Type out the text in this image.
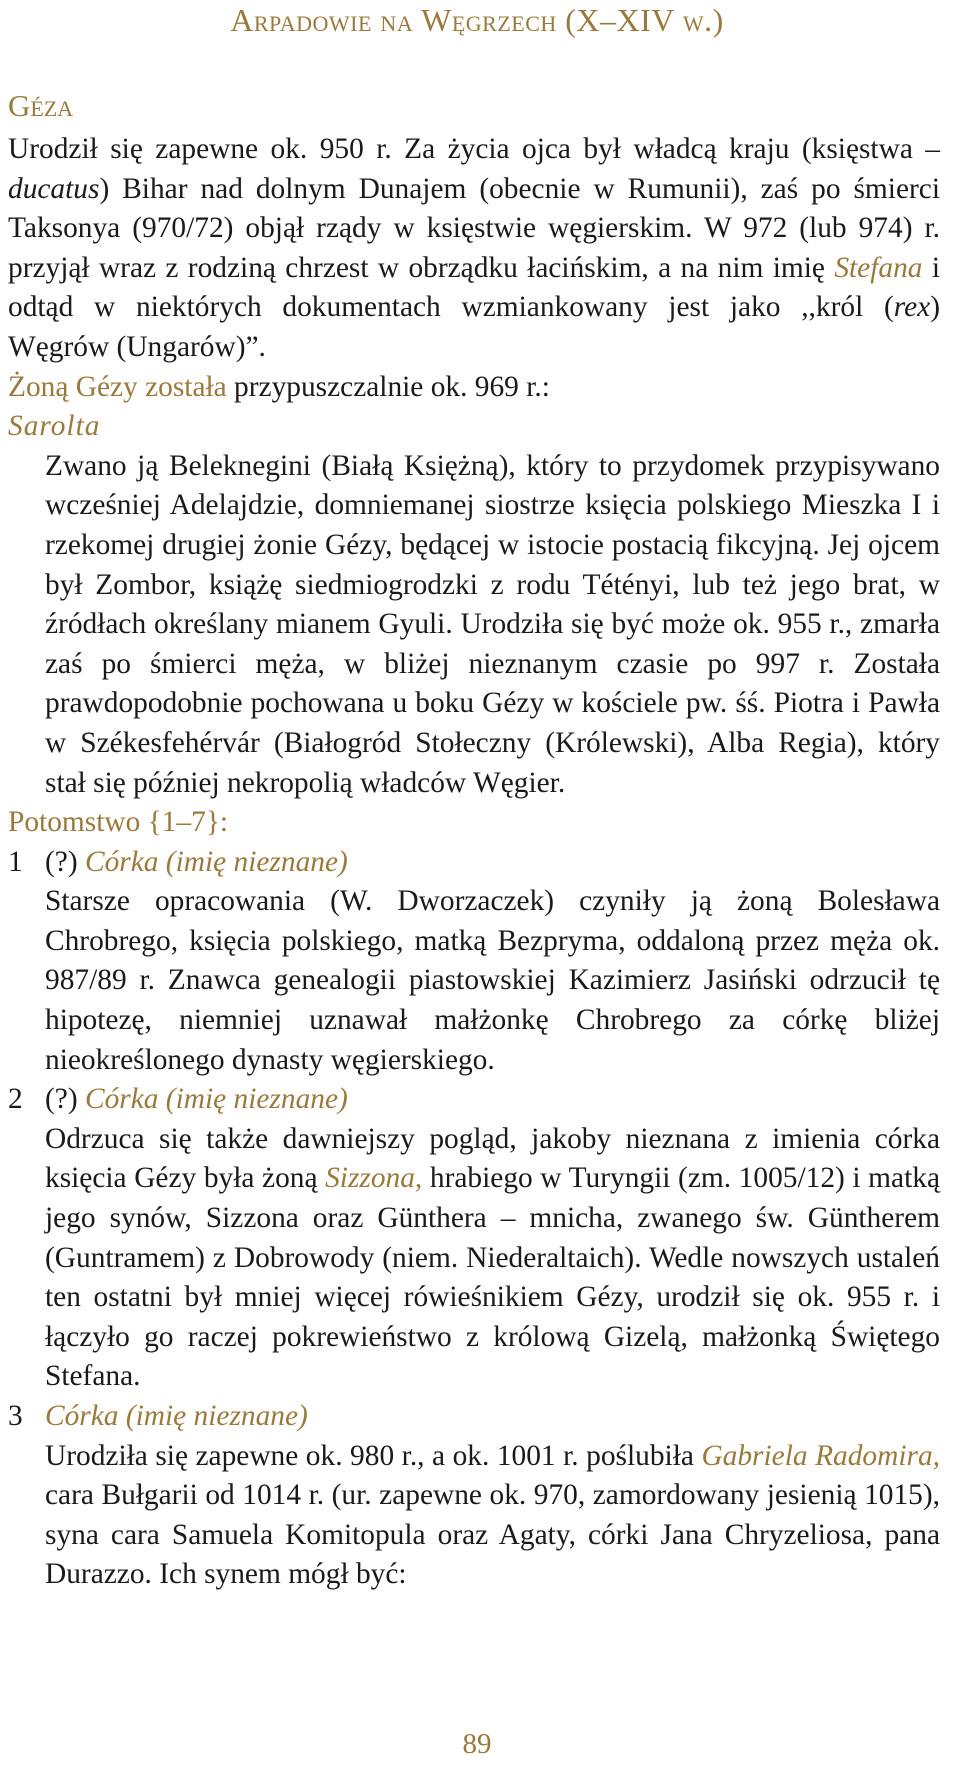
Arpadowie na Węgrzech (X–XIV w.)
Géza

Urodził się zapewne ok. 950 r. Za życia ojca był władcą kraju (księstwa – ducatus) Bihar nad dolnym Dunajem (obecnie w Rumunii), zaś po śmierci Taksonya (970/72) objął rządy w księstwie węgierskim. W 972 (lub 974) r. przyjął wraz z rodziną chrzest w obrządku łacińskim, a na nim imię Stefana i odtąd w niektórych dokumentach wzmiankowany jest jako ,,król (rex) Węgrów (Ungarów)”.

Żoną Gézy została przypuszczalnie ok. 969 r.:

Sarolta

Zwano ją Beleknegini (Białą Księżną), który to przydomek przypisywano wcześniej Adelajdzie, domniemanej siostrze księcia polskiego Mieszka I i rzekomej drugiej żonie Gézy, będącej w istocie postacią fikcyjną. Jej ojcem był Zombor, książę siedmiogrodzki z rodu Tétényi, lub też jego brat, w źródłach określany mianem Gyuli. Urodziła się być może ok. 955 r., zmarła zaś po śmierci męża, w bliżej nieznanym czasie po 997 r. Została prawdopodobnie pochowana u boku Gézy w kościele pw. śś. Piotra i Pawła w Székesfehérvár (Białogród Stołeczny (Królewski), Alba Regia), który stał się później nekropolią władców Węgier.

Potomstwo {1–7}:

1 (?) Córka (imię nieznane)

Starsze opracowania (W. Dworzaczek) czyniły ją żoną Bolesława Chrobrego, księcia polskiego, matką Bezpryma, oddaloną przez męża ok. 987/89 r. Znawca genealogii piastowskiej Kazimierz Jasiński odrzucił tę hipotezę, niemniej uznawał małżonkę Chrobrego za córkę bliżej nieokreślonego dynasty węgierskiego.

2 (?) Córka (imię nieznane)

Odrzuca się także dawniejszy pogląd, jakoby nieznana z imienia córka księcia Gézy była żoną Sizzona, hrabiego w Turyngii (zm. 1005/12) i matką jego synów, Sizzona oraz Günthera – mnicha, zwanego św. Güntherem (Guntramem) z Dobrowody (niem. Niederaltaich). Wedle nowszych ustaleń ten ostatni był mniej więcej rówieśnikiem Gézy, urodził się ok. 955 r. i łączyło go raczej pokrewieństwo z królową Gizelą, małżonką Świętego Stefana.

3 Córka (imię nieznane)

Urodziła się zapewne ok. 980 r., a ok. 1001 r. poślubiła Gabriela Radomira, cara Bułgarii od 1014 r. (ur. zapewne ok. 970, zamordowany jesienią 1015), syna cara Samuela Komitopula oraz Agaty, córki Jana Chryzeliosa, pana Durazzo. Ich synem mógł być:

89
